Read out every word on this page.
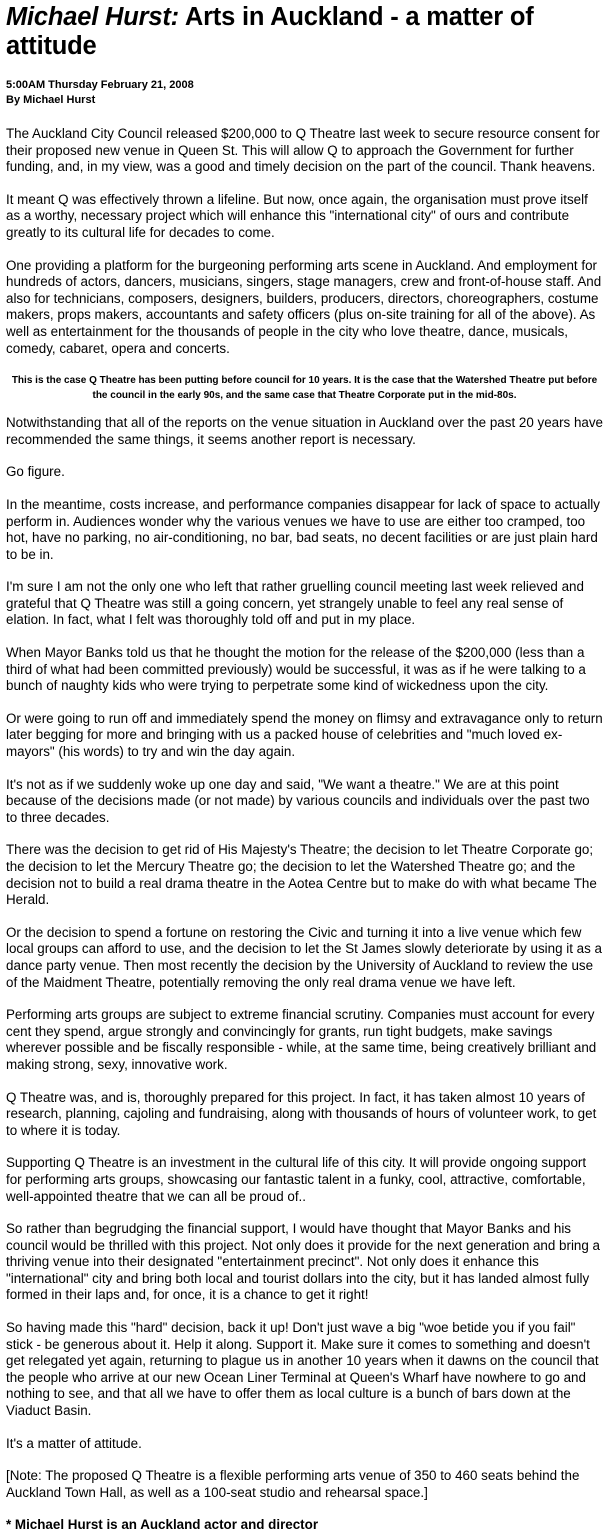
Michael Hurst: Arts in Auckland - a matter of attitude
5:00AM Thursday February 21, 2008
By Michael Hurst

The Auckland City Council released $200,000 to Q Theatre last week to secure resource consent for their proposed new venue in Queen St. This will allow Q to approach the Government for further funding, and, in my view, was a good and timely decision on the part of the council. Thank heavens.

It meant Q was effectively thrown a lifeline. But now, once again, the organisation must prove itself as a worthy, necessary project which will enhance this "international city" of ours and contribute greatly to its cultural life for decades to come.

One providing a platform for the burgeoning performing arts scene in Auckland. And employment for hundreds of actors, dancers, musicians, singers, stage managers, crew and front-of-house staff. And also for technicians, composers, designers, builders, producers, directors, choreographers, costume makers, props makers, accountants and safety officers (plus on-site training for all of the above). As well as entertainment for the thousands of people in the city who love theatre, dance, musicals, comedy, cabaret, opera and concerts.

This is the case Q Theatre has been putting before council for 10 years. It is the case that the Watershed Theatre put before the council in the early 90s, and the same case that Theatre Corporate put in the mid-80s.

Notwithstanding that all of the reports on the venue situation in Auckland over the past 20 years have recommended the same things, it seems another report is necessary.

Go figure.

In the meantime, costs increase, and performance companies disappear for lack of space to actually perform in. Audiences wonder why the various venues we have to use are either too cramped, too hot, have no parking, no air-conditioning, no bar, bad seats, no decent facilities or are just plain hard to be in.

I'm sure I am not the only one who left that rather gruelling council meeting last week relieved and grateful that Q Theatre was still a going concern, yet strangely unable to feel any real sense of elation. In fact, what I felt was thoroughly told off and put in my place.

When Mayor Banks told us that he thought the motion for the release of the $200,000 (less than a third of what had been committed previously) would be successful, it was as if he were talking to a bunch of naughty kids who were trying to perpetrate some kind of wickedness upon the city.

Or were going to run off and immediately spend the money on flimsy and extravagance only to return later begging for more and bringing with us a packed house of celebrities and "much loved ex-mayors" (his words) to try and win the day again.

It's not as if we suddenly woke up one day and said, "We want a theatre." We are at this point because of the decisions made (or not made) by various councils and individuals over the past two to three decades.

There was the decision to get rid of His Majesty's Theatre; the decision to let Theatre Corporate go; the decision to let the Mercury Theatre go; the decision to let the Watershed Theatre go; and the decision not to build a real drama theatre in the Aotea Centre but to make do with what became The Herald.

Or the decision to spend a fortune on restoring the Civic and turning it into a live venue which few local groups can afford to use, and the decision to let the St James slowly deteriorate by using it as a dance party venue. Then most recently the decision by the University of Auckland to review the use of the Maidment Theatre, potentially removing the only real drama venue we have left.

Performing arts groups are subject to extreme financial scrutiny. Companies must account for every cent they spend, argue strongly and convincingly for grants, run tight budgets, make savings wherever possible and be fiscally responsible - while, at the same time, being creatively brilliant and making strong, sexy, innovative work.

Q Theatre was, and is, thoroughly prepared for this project. In fact, it has taken almost 10 years of research, planning, cajoling and fundraising, along with thousands of hours of volunteer work, to get to where it is today.

Supporting Q Theatre is an investment in the cultural life of this city. It will provide ongoing support for performing arts groups, showcasing our fantastic talent in a funky, cool, attractive, comfortable, well-appointed theatre that we can all be proud of..

So rather than begrudging the financial support, I would have thought that Mayor Banks and his council would be thrilled with this project. Not only does it provide for the next generation and bring a thriving venue into their designated "entertainment precinct". Not only does it enhance this "international" city and bring both local and tourist dollars into the city, but it has landed almost fully formed in their laps and, for once, it is a chance to get it right!

So having made this "hard" decision, back it up! Don't just wave a big "woe betide you if you fail" stick - be generous about it. Help it along. Support it. Make sure it comes to something and doesn't get relegated yet again, returning to plague us in another 10 years when it dawns on the council that the people who arrive at our new Ocean Liner Terminal at Queen's Wharf have nowhere to go and nothing to see, and that all we have to offer them as local culture is a bunch of bars down at the Viaduct Basin.

It's a matter of attitude.

[Note: The proposed Q Theatre is a flexible performing arts venue of 350 to 460 seats behind the Auckland Town Hall, as well as a 100-seat studio and rehearsal space.]

* Michael Hurst is an Auckland actor and director
